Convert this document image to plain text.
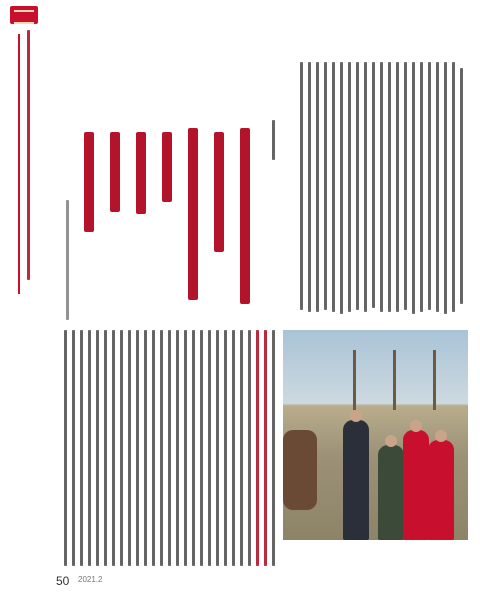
50 2021.2
